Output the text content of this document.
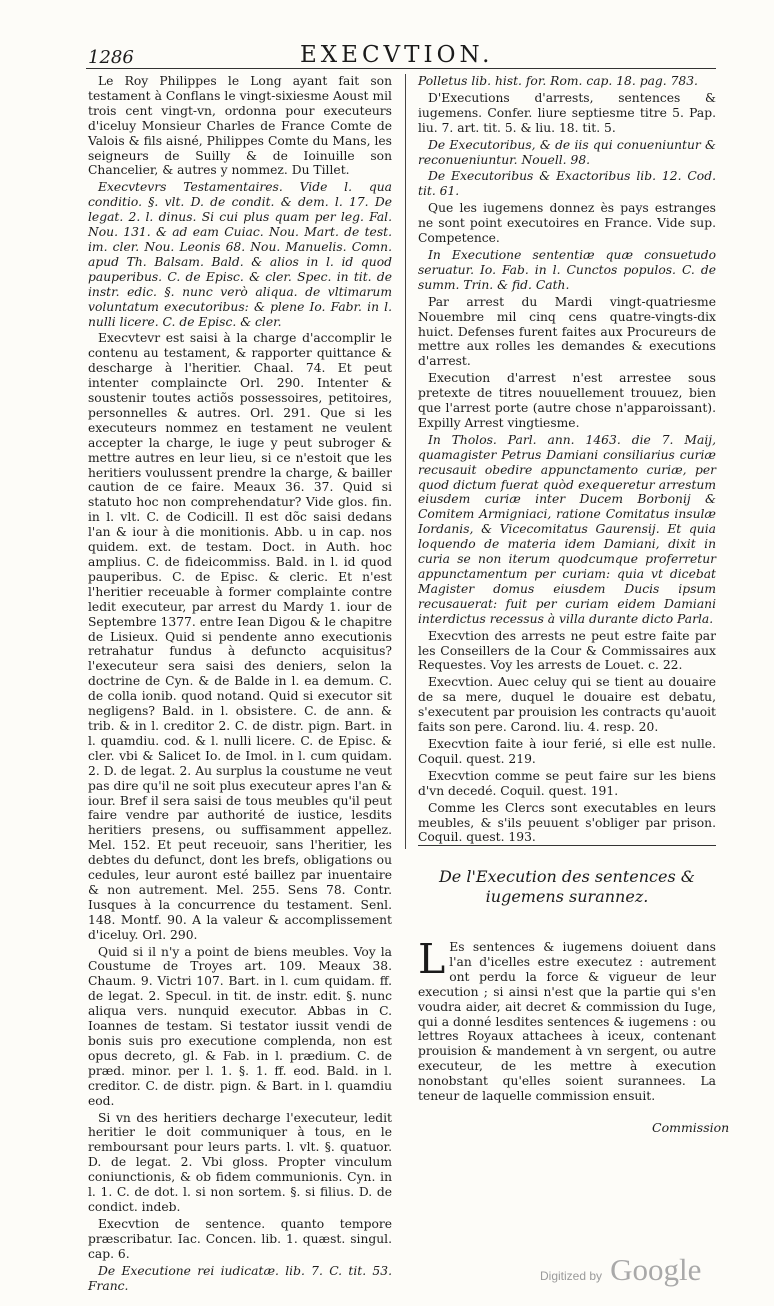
1286	EXECVTION.

Le Roy Philippes le Long ayant fait son testament à Conflans le vingt-sixiesme Aoust mil trois cent vingt-vn, ordonna pour executeurs d'iceluy Monsieur Charles de France Comte de Valois & fils aisné, Philippes Comte du Mans, les seigneurs de Suilly & de Ioinuille son Chancelier, & autres y nommez. Du Tillet.

Execvtevrs Testamentaires. Vide l. qua conditio. §. vlt. D. de condit. & dem. l. 17. De legat. 2. l. dinus. Si cui plus quam per leg. Fal. Nou. 131. & ad eam Cuiac. Nou. Mart. de test. im. cler. Nou. Leonis 68. Nou. Manuelis. Comn. apud Th. Balsam. Bald. & alios in l. id quod pauperibus. C. de Episc. & cler. Spec. in tit. de instr. edic. §. nunc verò aliqua. de vltimarum voluntatum executoribus: & plene Io. Fabr. in l. nulli licere. C. de Episc. & cler.

Execvtevr est saisi à la charge d'accomplir le contenu au testament, & rapporter quittance & descharge à l'heritier. Chaal. 74. Et peut intenter complaincte Orl. 290. Intenter & soustenir toutes actiõs possessoires, petitoires, personnelles & autres. Orl. 291. Que si les executeurs nommez en testament ne veulent accepter la charge, le iuge y peut subroger & mettre autres en leur lieu, si ce n'estoit que les heritiers voulussent prendre la charge, & bailler caution de ce faire. Meaux 36. 37. Quid si statuto hoc non comprehendatur? Vide glos. fin. in l. vlt. C. de Codicill. Il est dõc saisi dedans l'an & iour à die monitionis. Abb. u in cap. nos quidem. ext. de testam. Doct. in Auth. hoc amplius. C. de fideicommiss. Bald. in l. id quod pauperibus. C. de Episc. & cleric. Et n'est l'heritier receuable à former complainte contre ledit executeur, par arrest du Mardy 1. iour de Septembre 1377. entre Iean Digou & le chapitre de Lisieux. Quid si pendente anno executionis retrahatur fundus à defuncto acquisitus? l'executeur sera saisi des deniers, selon la doctrine de Cyn. & de Balde in l. ea demum. C. de colla ionib. quod notand. Quid si executor sit negligens? Bald. in l. obsistere. C. de ann. & trib. & in l. creditor 2. C. de distr. pign. Bart. in l. quamdiu. cod. & l. nulli licere. C. de Episc. & cler. vbi & Salicet Io. de Imol. in l. cum quidam. 2. D. de legat. 2. Au surplus la coustume ne veut pas dire qu'il ne soit plus executeur apres l'an & iour. Bref il sera saisi de tous meubles qu'il peut faire vendre par authorité de iustice, lesdits heritiers presens, ou suffisamment appellez. Mel. 152. Et peut receuoir, sans l'heritier, les debtes du defunct, dont les brefs, obligations ou cedules, leur auront esté baillez par inuentaire & non autrement. Mel. 255. Sens 78. Contr. Iusques à la concurrence du testament. Senl. 148. Montf. 90. A la valeur & accomplissement d'iceluy. Orl. 290.

Quid si il n'y a point de biens meubles. Voy la Coustume de Troyes art. 109. Meaux 38. Chaum. 9. Victri 107. Bart. in l. cum quidam. ff. de legat. 2. Specul. in tit. de instr. edit. §. nunc aliqua vers. nunquid executor. Abbas in C. Ioannes de testam. Si testator iussit vendi de bonis suis pro executione complenda, non est opus decreto, gl. & Fab. in l. prædium. C. de præd. minor. per l. 1. §. 1. ff. eod. Bald. in l. creditor. C. de distr. pign. & Bart. in l. quamdiu eod.

Si vn des heritiers decharge l'executeur, ledit heritier le doit communiquer à tous, en le remboursant pour leurs parts. l. vlt. §. quatuor. D. de legat. 2. Vbi gloss. Propter vinculum coniunctionis, & ob fidem communionis. Cyn. in l. 1. C. de dot. l. si non sortem. §. si filius. D. de condict. indeb.

Execvtion de sentence. quanto tempore præscribatur. Iac. Concen. lib. 1. quæst. singul. cap. 6.

De Executione rei iudicatæ. lib. 7. C. tit. 53. Franc.

Polletus lib. hist. for. Rom. cap. 18. pag. 783.

D'Executions d'arrests, sentences & iugemens. Confer. liure septiesme titre 5. Pap. liu. 7. art. tit. 5. & liu. 18. tit. 5.

De Executoribus, & de iis qui conueniuntur & reconueniuntur. Nouell. 98.

De Executoribus & Exactoribus lib. 12. Cod. tit. 61.

Que les iugemens donnez ès pays estranges ne sont point executoires en France. Vide sup. Competence.

In Executione sententiæ quæ consuetudo seruatur. Io. Fab. in l. Cunctos populos. C. de summ. Trin. & fid. Cath.

Par arrest du Mardi vingt-quatriesme Nouembre mil cinq cens quatre-vingts-dix huict. Defenses furent faites aux Procureurs de mettre aux rolles les demandes & executions d'arrest.

Execution d'arrest n'est arrestee sous pretexte de titres nouuellement trouuez, bien que l'arrest porte (autre chose n'apparoissant). Expilly Arrest vingtiesme.

In Tholos. Parl. ann. 1463. die 7. Maij, quamagister Petrus Damiani consiliarius curiæ recusauit obedire appunctamento curiæ, per quod dictum fuerat quòd exequeretur arrestum eiusdem curiæ inter Ducem Borbonij & Comitem Armigniaci, ratione Comitatus insulæ Iordanis, & Vicecomitatus Gaurensij. Et quia loquendo de materia idem Damiani, dixit in curia se non iterum quodcumque proferretur appunctamentum per curiam: quia vt dicebat Magister domus eiusdem Ducis ipsum recusauerat: fuit per curiam eidem Damiani interdictus recessus à villa durante dicto Parla.

Execvtion des arrests ne peut estre faite par les Conseillers de la Cour & Commissaires aux Requestes. Voy les arrests de Louet. c. 22.

Execvtion. Auec celuy qui se tient au douaire de sa mere, duquel le douaire est debatu, s'executent par prouision les contracts qu'auoit faits son pere. Carond. liu. 4. resp. 20.

Execvtion faite à iour ferié, si elle est nulle. Coquil. quest. 219.

Execvtion comme se peut faire sur les biens d'vn decedé. Coquil. quest. 191.

Comme les Clercs sont executables en leurs meubles, & s'ils peuuent s'obliger par prison. Coquil. quest. 193.

De l'Execution des sentences & iugemens surannez.
L Es sentences & iugemens doiuent dans l'an d'icelles estre executez : autrement ont perdu la force & vigueur de leur execution ; si ainsi n'est que la partie qui s'en voudra aider, ait decret & commission du Iuge, qui a donné lesdites sentences & iugemens : ou lettres Royaux attachees à iceux, contenant prouision & mandement à vn sergent, ou autre executeur, de les mettre à execution nonobstant qu'elles soient surannees. La teneur de laquelle commission ensuit.
Commission
Digitized by Google
